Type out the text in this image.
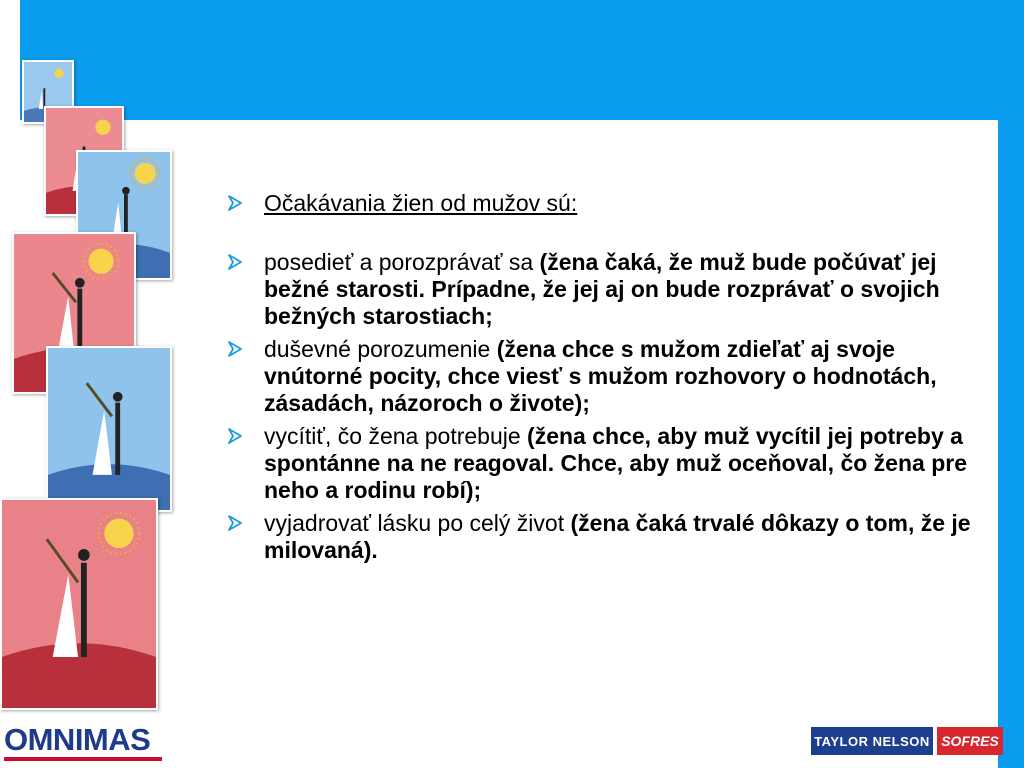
Očakávania žien od mužov sú:
posedieť a porozprávať sa (žena čaká, že muž bude počúvať jej bežné starosti. Prípadne, že jej aj on bude rozprávať o svojich bežných starostiach;
duševné porozumenie (žena chce s mužom zdieľať aj svoje vnútorné pocity, chce viesť s mužom rozhovory o hodnotách, zásadách, názoroch o živote);
vycítiť, čo žena potrebuje (žena chce, aby muž vycítil jej potreby a spontánne na ne reagoval. Chce, aby muž oceňoval, čo žena pre neho a rodinu robí);
vyjadrovať lásku po celý život (žena čaká trvalé dôkazy o tom, že je milovaná).
OMNIMAS	TAYLOR NELSON SOFRES
